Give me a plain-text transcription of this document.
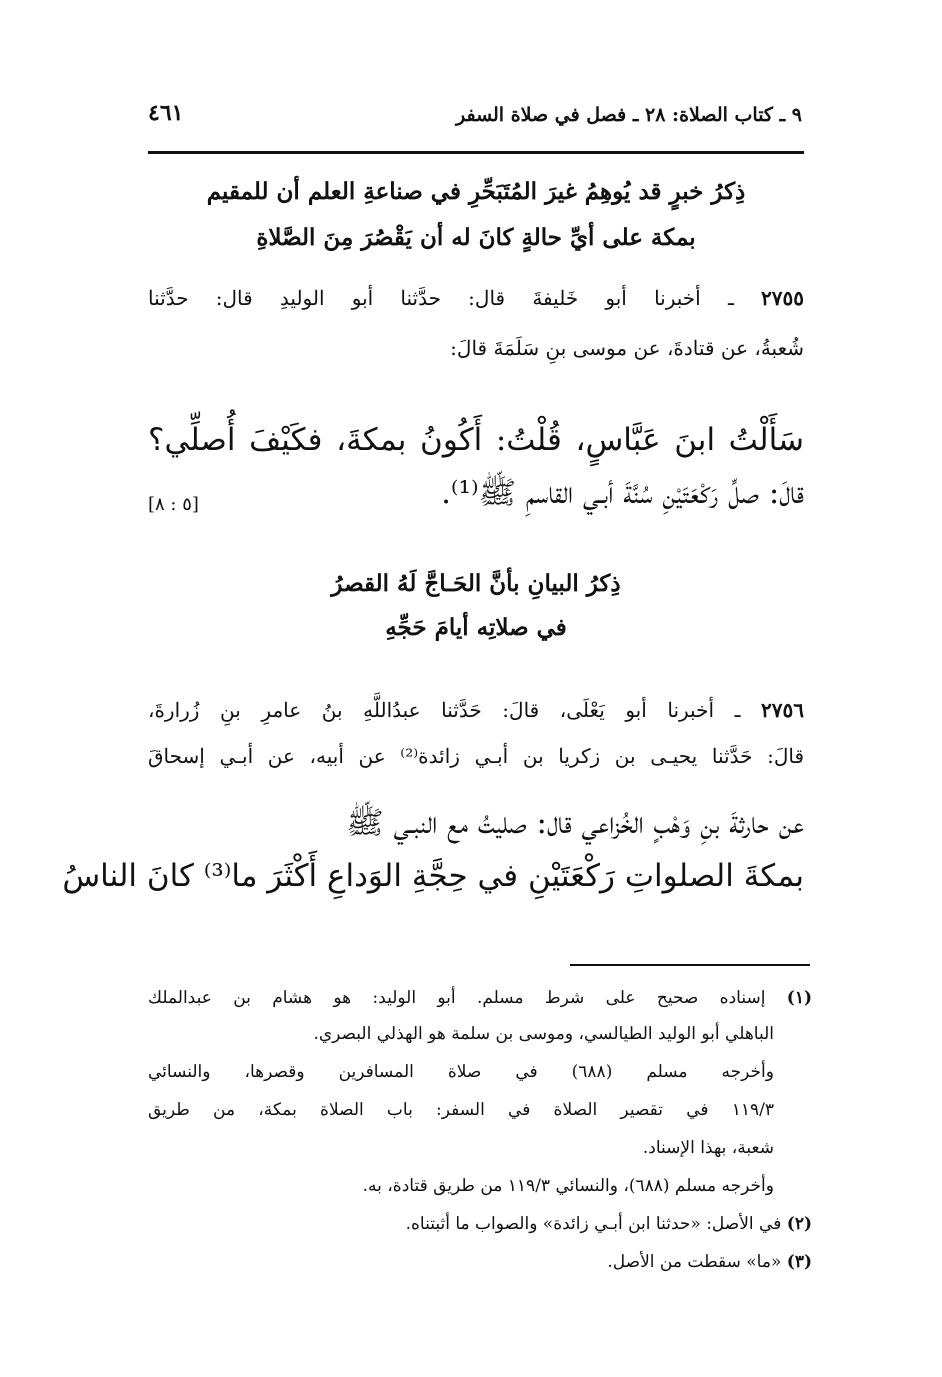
٩ ـ كتاب الصلاة: ٢٨ ـ فصل في صلاة السفر
٤٦١
ذِكرُ خبرٍ قد يُوهِمُ غيرَ المُتَبَحِّرِ في صناعةِ العلم أن للمقيم
بمكة على أيِّ حالةٍ كانَ له أن يَقْصُرَ مِنَ الصَّلاةِ
٢٧٥٥ ـ أخبرنا أبو خَليفةَ قال: حدَّثنا أبو الوليدِ قال: حدَّثنا
شُعبةُ، عن قتادةَ، عن موسى بنِ سَلَمَةَ قالَ:
سَأَلْتُ ابنَ عَبَّاسٍ، قُلْتُ: أَكُونُ بمكةَ، فكَيْفَ أُصلِّي؟
قالَ: صلِّ رَكْعَتَيْنِ سُنَّةَ أبـي القاسمِ ﷺ⁽¹⁾.
[٥ : ٨]
ذِكرُ البيانِ بأنَّ الحَـاجَّ لَهُ القصرُ
في صلاتِه أيامَ حَجِّهِ
٢٧٥٦ ـ أخبرنا أبو يَعْلَى، قالَ: حَدَّثنا عبدُاللَّهِ بنُ عامرِ بنِ زُرارةَ،
قالَ: حَدَّثنا يحيـى بن زكريا بن أبـي زائدة⁽²⁾ عن أبيه، عن أبـي إسحاقَ
عن حارثةَ بنِ وَهْبٍ الخُزاعي قال: صليتُ مع النبـي ﷺ
بمكةَ الصلواتِ رَكْعَتَيْنِ في حِجَّةِ الوَداعِ أَكْثَرَ ما⁽³⁾ كانَ الناسُ
(١) إسناده صحيح على شرط مسلم. أبو الوليد: هو هشام بن عبدالملك
الباهلي أبو الوليد الطيالسي، وموسى بن سلمة هو الهذلي البصري.
وأخرجه مسلم (٦٨٨) في صلاة المسافرين وقصرها، والنسائي
١١٩/٣ في تقصير الصلاة في السفر: باب الصلاة بمكة، من طريق
شعبة، بهذا الإسناد.
وأخرجه مسلم (٦٨٨)، والنسائي ١١٩/٣ من طريق قتادة، به.
(٢) في الأصل: «حدثنا ابن أبـي زائدة» والصواب ما أثبتناه.
(٣) «ما» سقطت من الأصل.
